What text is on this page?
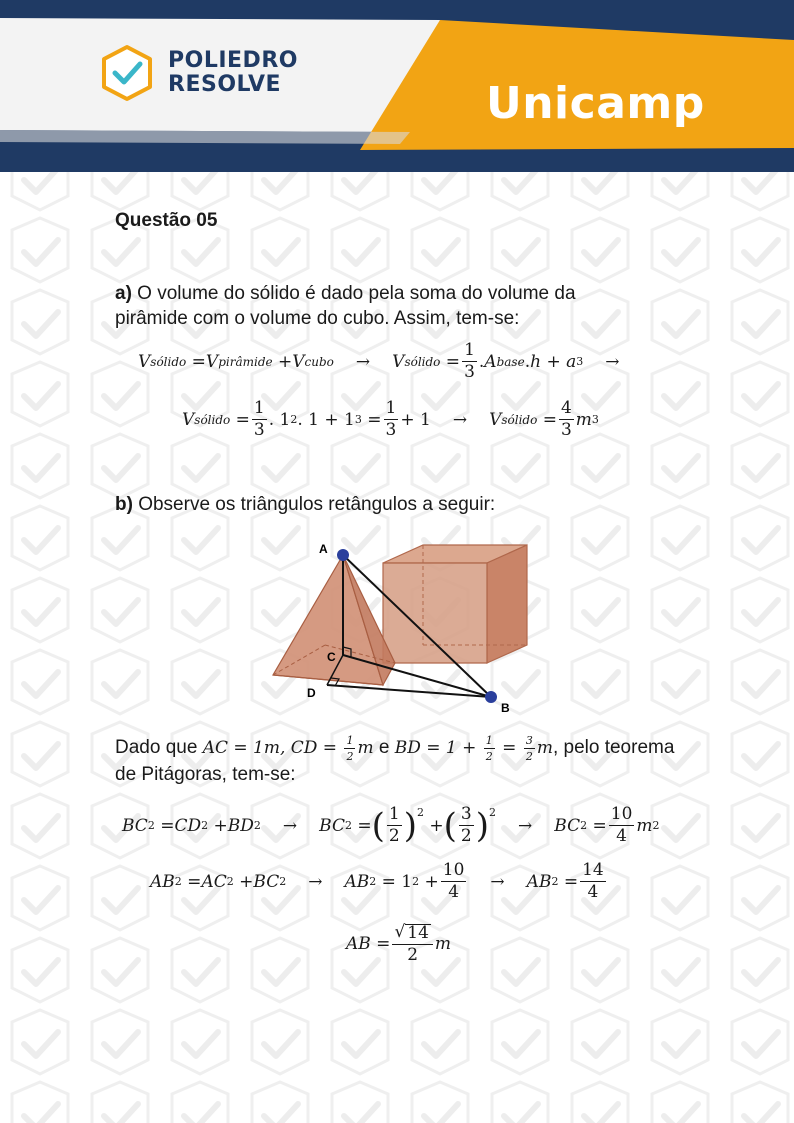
POLIEDRO
RESOLVE	Unicamp
Questão 05
a) O volume do sólido é dado pela soma do volume da pirâmide com o volume do cubo. Assim, tem-se:
V sólido = V pirâmide + V cubo → V sólido = $\frac{1}{3}$ . A base . h + a 3 →
V sólido = $\frac{1}{3}$ . 1 2 . 1 + 1 $3 = \frac{1}{3} + 1 \to V$ sólido = $\frac{4}{3}$ m 3
b) Observe os triângulos retângulos a seguir:
A
C
D
B
Dado que AC = 1m, CD = $\frac{1}{2}$ m e BD = $1 + \frac{1}{2} = \frac{3}{2} m$, pelo teorema de Pitágoras, tem-se:
BC 2 = CD 2 + BD 2 → BC 2 = ( $\frac{1}{2} )^2$
+ ( $\frac{3}{2} )^2$
→ BC $2 = \frac{10}{4}$ m 2
AB 2 = AC 2 + BC 2 → AB 2 = 1 $2 + \frac{10}{4}$ → AB $2 = \frac{14}{4}$
AB = $\frac{√ 14}{2}$ m
